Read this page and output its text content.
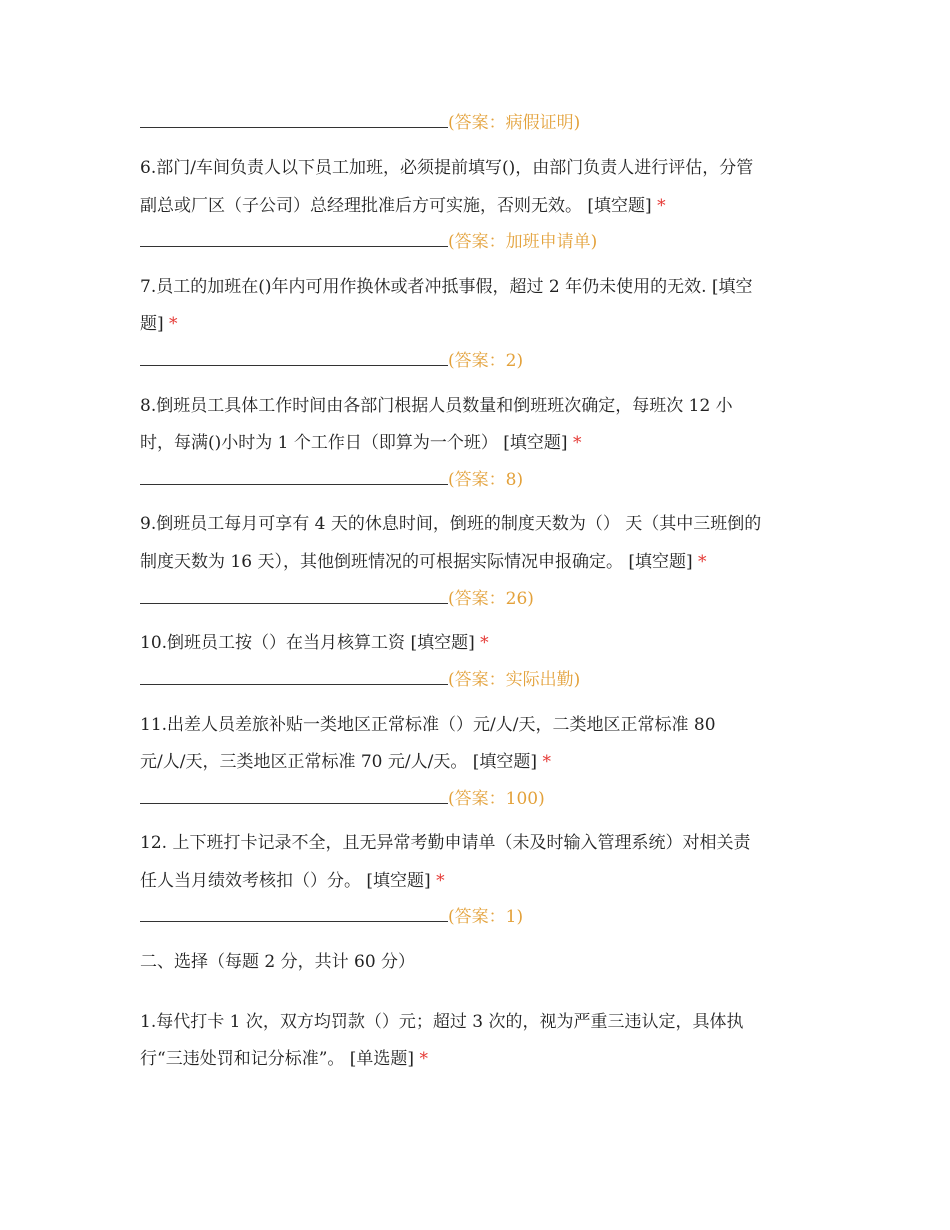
(答案：病假证明)
6.部门/车间负责人以下员工加班，必须提前填写()，由部门负责人进行评估，分管
副总或厂区（子公司）总经理批准后方可实施，否则无效。 [填空题] *
(答案：加班申请单)
7.员工的加班在()年内可用作换休或者冲抵事假，超过 2 年仍未使用的无效. [填空
题] *
(答案：2)
8.倒班员工具体工作时间由各部门根据人员数量和倒班班次确定，每班次 12 小
时，每满()小时为 1 个工作日（即算为一个班） [填空题] *
(答案：8)
9.倒班员工每月可享有 4 天的休息时间，倒班的制度天数为（） 天（其中三班倒的
制度天数为 16 天），其他倒班情况的可根据实际情况申报确定。 [填空题] *
(答案：26)
10.倒班员工按（）在当月核算工资 [填空题] *
(答案：实际出勤)
11.出差人员差旅补贴一类地区正常标准（）元/人/天，二类地区正常标准 80
元/人/天，三类地区正常标准 70 元/人/天。 [填空题] *
(答案：100)
12. 上下班打卡记录不全，且无异常考勤申请单（未及时输入管理系统）对相关责
任人当月绩效考核扣（）分。 [填空题] *
(答案：1)
二、选择（每题 2 分，共计 60 分）
1.每代打卡 1 次，双方均罚款（）元；超过 3 次的，视为严重三违认定，具体执
行“三违处罚和记分标准”。 [单选题] *
